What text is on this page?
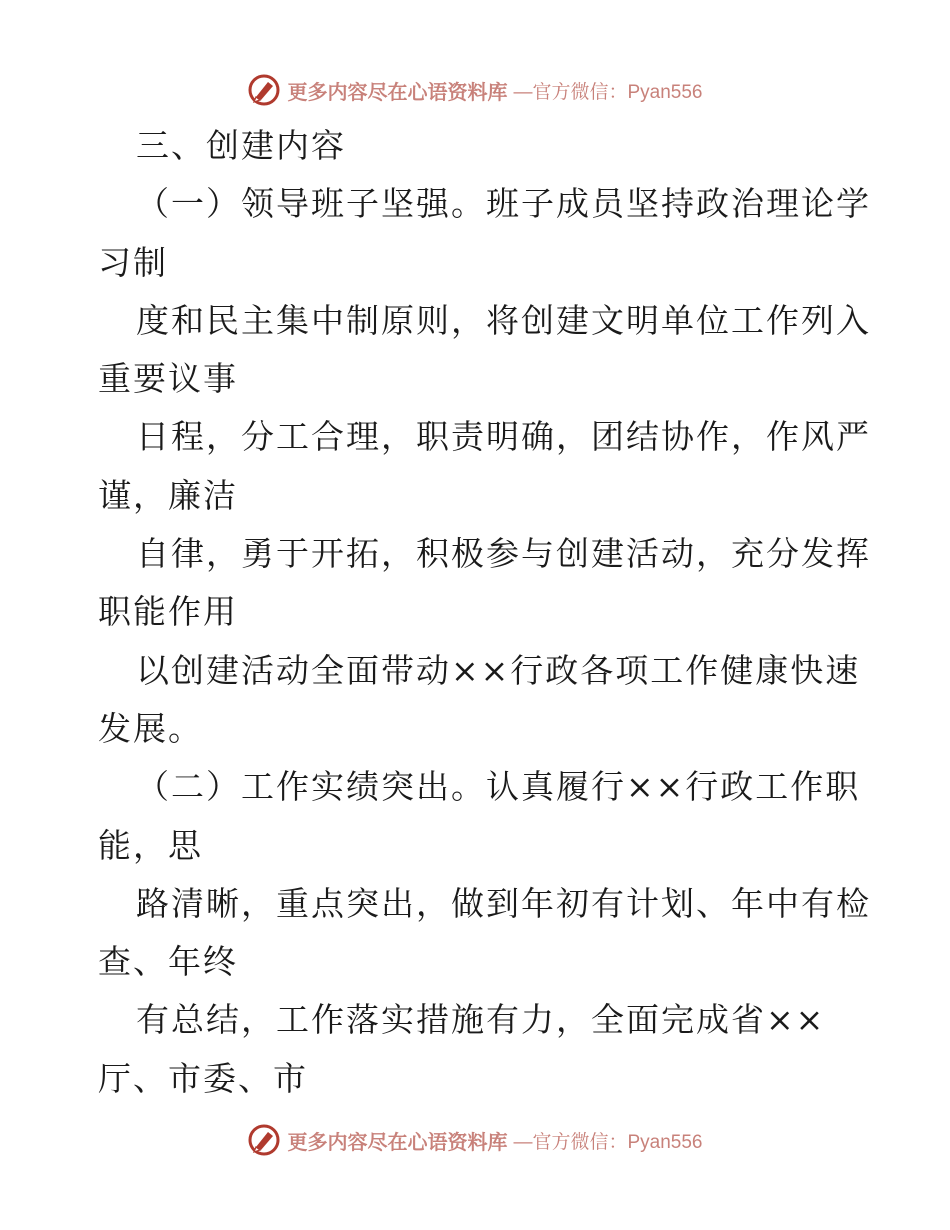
更多内容尽在心语资料库 —官方微信：Pyan556
三、创建内容
（一）领导班子坚强。班子成员坚持政治理论学
习制
度和民主集中制原则，将创建文明单位工作列入
重要议事
日程，分工合理，职责明确，团结协作，作风严
谨，廉洁
自律，勇于开拓，积极参与创建活动，充分发挥
职能作用
以创建活动全面带动××行政各项工作健康快速
发展。
（二）工作实绩突出。认真履行××行政工作职
能，思
路清晰，重点突出，做到年初有计划、年中有检
查、年终
有总结，工作落实措施有力，全面完成省××
厅、市委、市
更多内容尽在心语资料库 —官方微信：Pyan556
